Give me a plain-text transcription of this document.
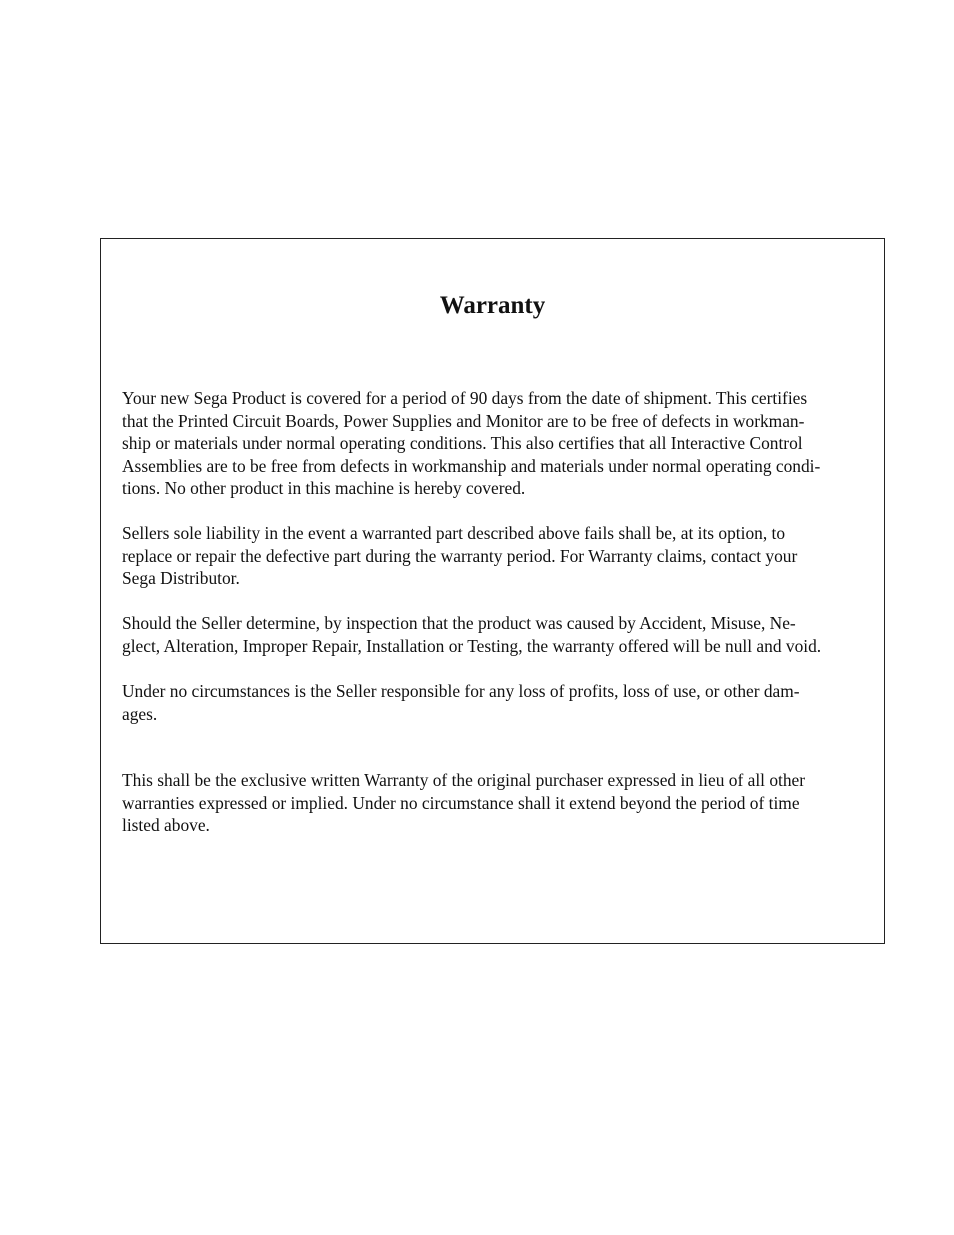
Warranty

Your new Sega Product is covered for a period of 90 days from the date of shipment. This certifies
that the Printed Circuit Boards, Power Supplies and Monitor are to be free of defects in workman-
ship or materials under normal operating conditions. This also certifies that all Interactive Control
Assemblies are to be free from defects in workmanship and materials under normal operating condi-
tions. No other product in this machine is hereby covered.

Sellers sole liability in the event a warranted part described above fails shall be, at its option, to
replace or repair the defective part during the warranty period. For Warranty claims, contact your
Sega Distributor.

Should the Seller determine, by inspection that the product was caused by Accident, Misuse, Ne-
glect, Alteration, Improper Repair, Installation or Testing, the warranty offered will be null and void.

Under no circumstances is the Seller responsible for any loss of profits, loss of use, or other dam-
ages.

This shall be the exclusive written Warranty of the original purchaser expressed in lieu of all other
warranties expressed or implied. Under no circumstance shall it extend beyond the period of time
listed above.
